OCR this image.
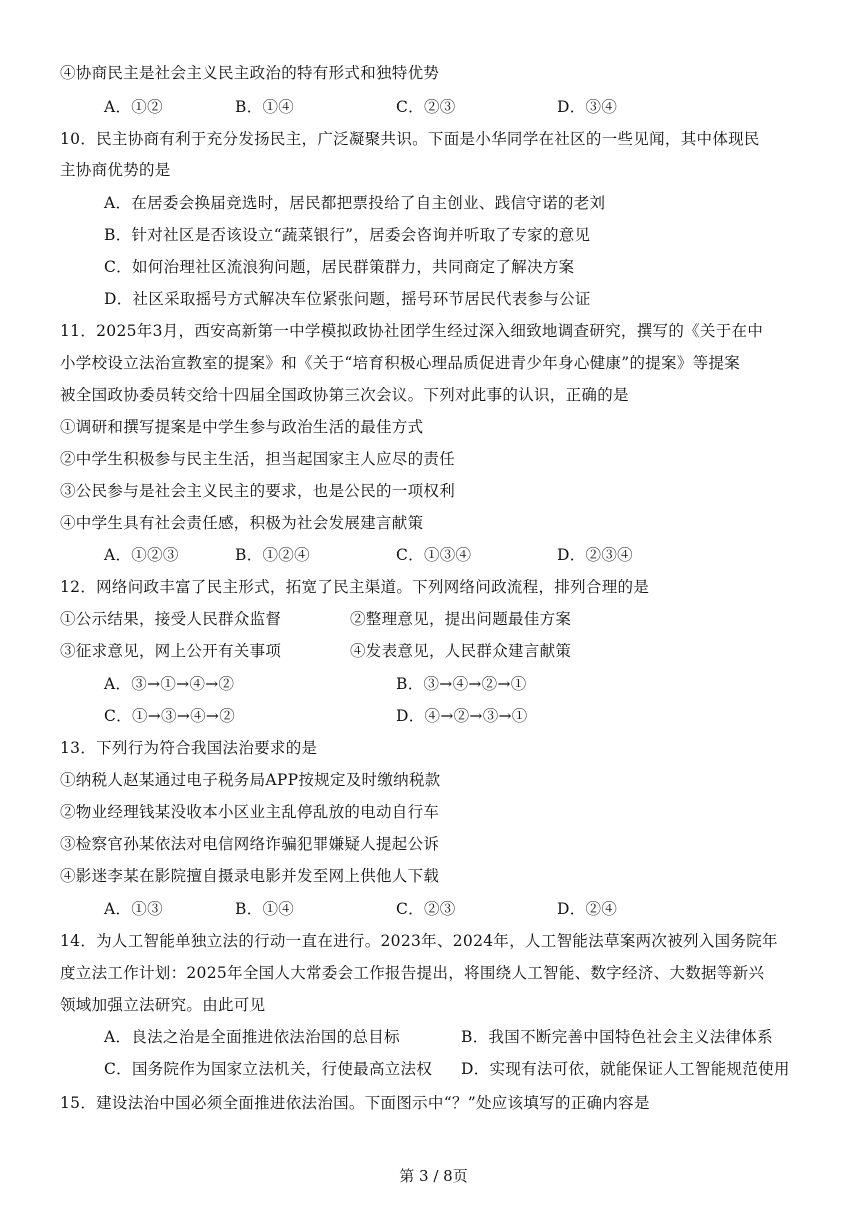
④协商民主是社会主义民主政治的特有形式和独特优势
A．①②	B．①④	C．②③	D．③④
10．民主协商有利于充分发扬民主，广泛凝聚共识。下面是小华同学在社区的一些见闻，其中体现民
主协商优势的是
A．在居委会换届竞选时，居民都把票投给了自主创业、践信守诺的老刘
B．针对社区是否该设立“蔬菜银行”，居委会咨询并听取了专家的意见
C．如何治理社区流浪狗问题，居民群策群力，共同商定了解决方案
D．社区采取摇号方式解决车位紧张问题，摇号环节居民代表参与公证
11．2025年3月，西安高新第一中学模拟政协社团学生经过深入细致地调查研究，撰写的《关于在中
小学校设立法治宣教室的提案》和《关于“培育积极心理品质促进青少年身心健康”的提案》等提案
被全国政协委员转交给十四届全国政协第三次会议。下列对此事的认识，正确的是
①调研和撰写提案是中学生参与政治生活的最佳方式
②中学生积极参与民主生活，担当起国家主人应尽的责任
③公民参与是社会主义民主的要求，也是公民的一项权利
④中学生具有社会责任感，积极为社会发展建言献策
A．①②③	B．①②④	C．①③④	D．②③④
12．网络问政丰富了民主形式，拓宽了民主渠道。下列网络问政流程，排列合理的是
①公示结果，接受人民群众监督	②整理意见，提出问题最佳方案
③征求意见，网上公开有关事项	④发表意见，人民群众建言献策
A．③→①→④→②	B．③→④→②→①
C．①→③→④→②	D．④→②→③→①
13．下列行为符合我国法治要求的是
①纳税人赵某通过电子税务局APP按规定及时缴纳税款
②物业经理钱某没收本小区业主乱停乱放的电动自行车
③检察官孙某依法对电信网络诈骗犯罪嫌疑人提起公诉
④影迷李某在影院擅自摄录电影并发至网上供他人下载
A．①③	B．①④	C．②③	D．②④
14．为人工智能单独立法的行动一直在进行。2023年、2024年，人工智能法草案两次被列入国务院年
度立法工作计划：2025年全国人大常委会工作报告提出，将围绕人工智能、数字经济、大数据等新兴
领域加强立法研究。由此可见
A．良法之治是全面推进依法治国的总目标	B．我国不断完善中国特色社会主义法律体系
C．国务院作为国家立法机关，行使最高立法权 D．实现有法可依，就能保证人工智能规范使用
15．建设法治中国必须全面推进依法治国。下面图示中“？”处应该填写的正确内容是
第 3 / 8页
